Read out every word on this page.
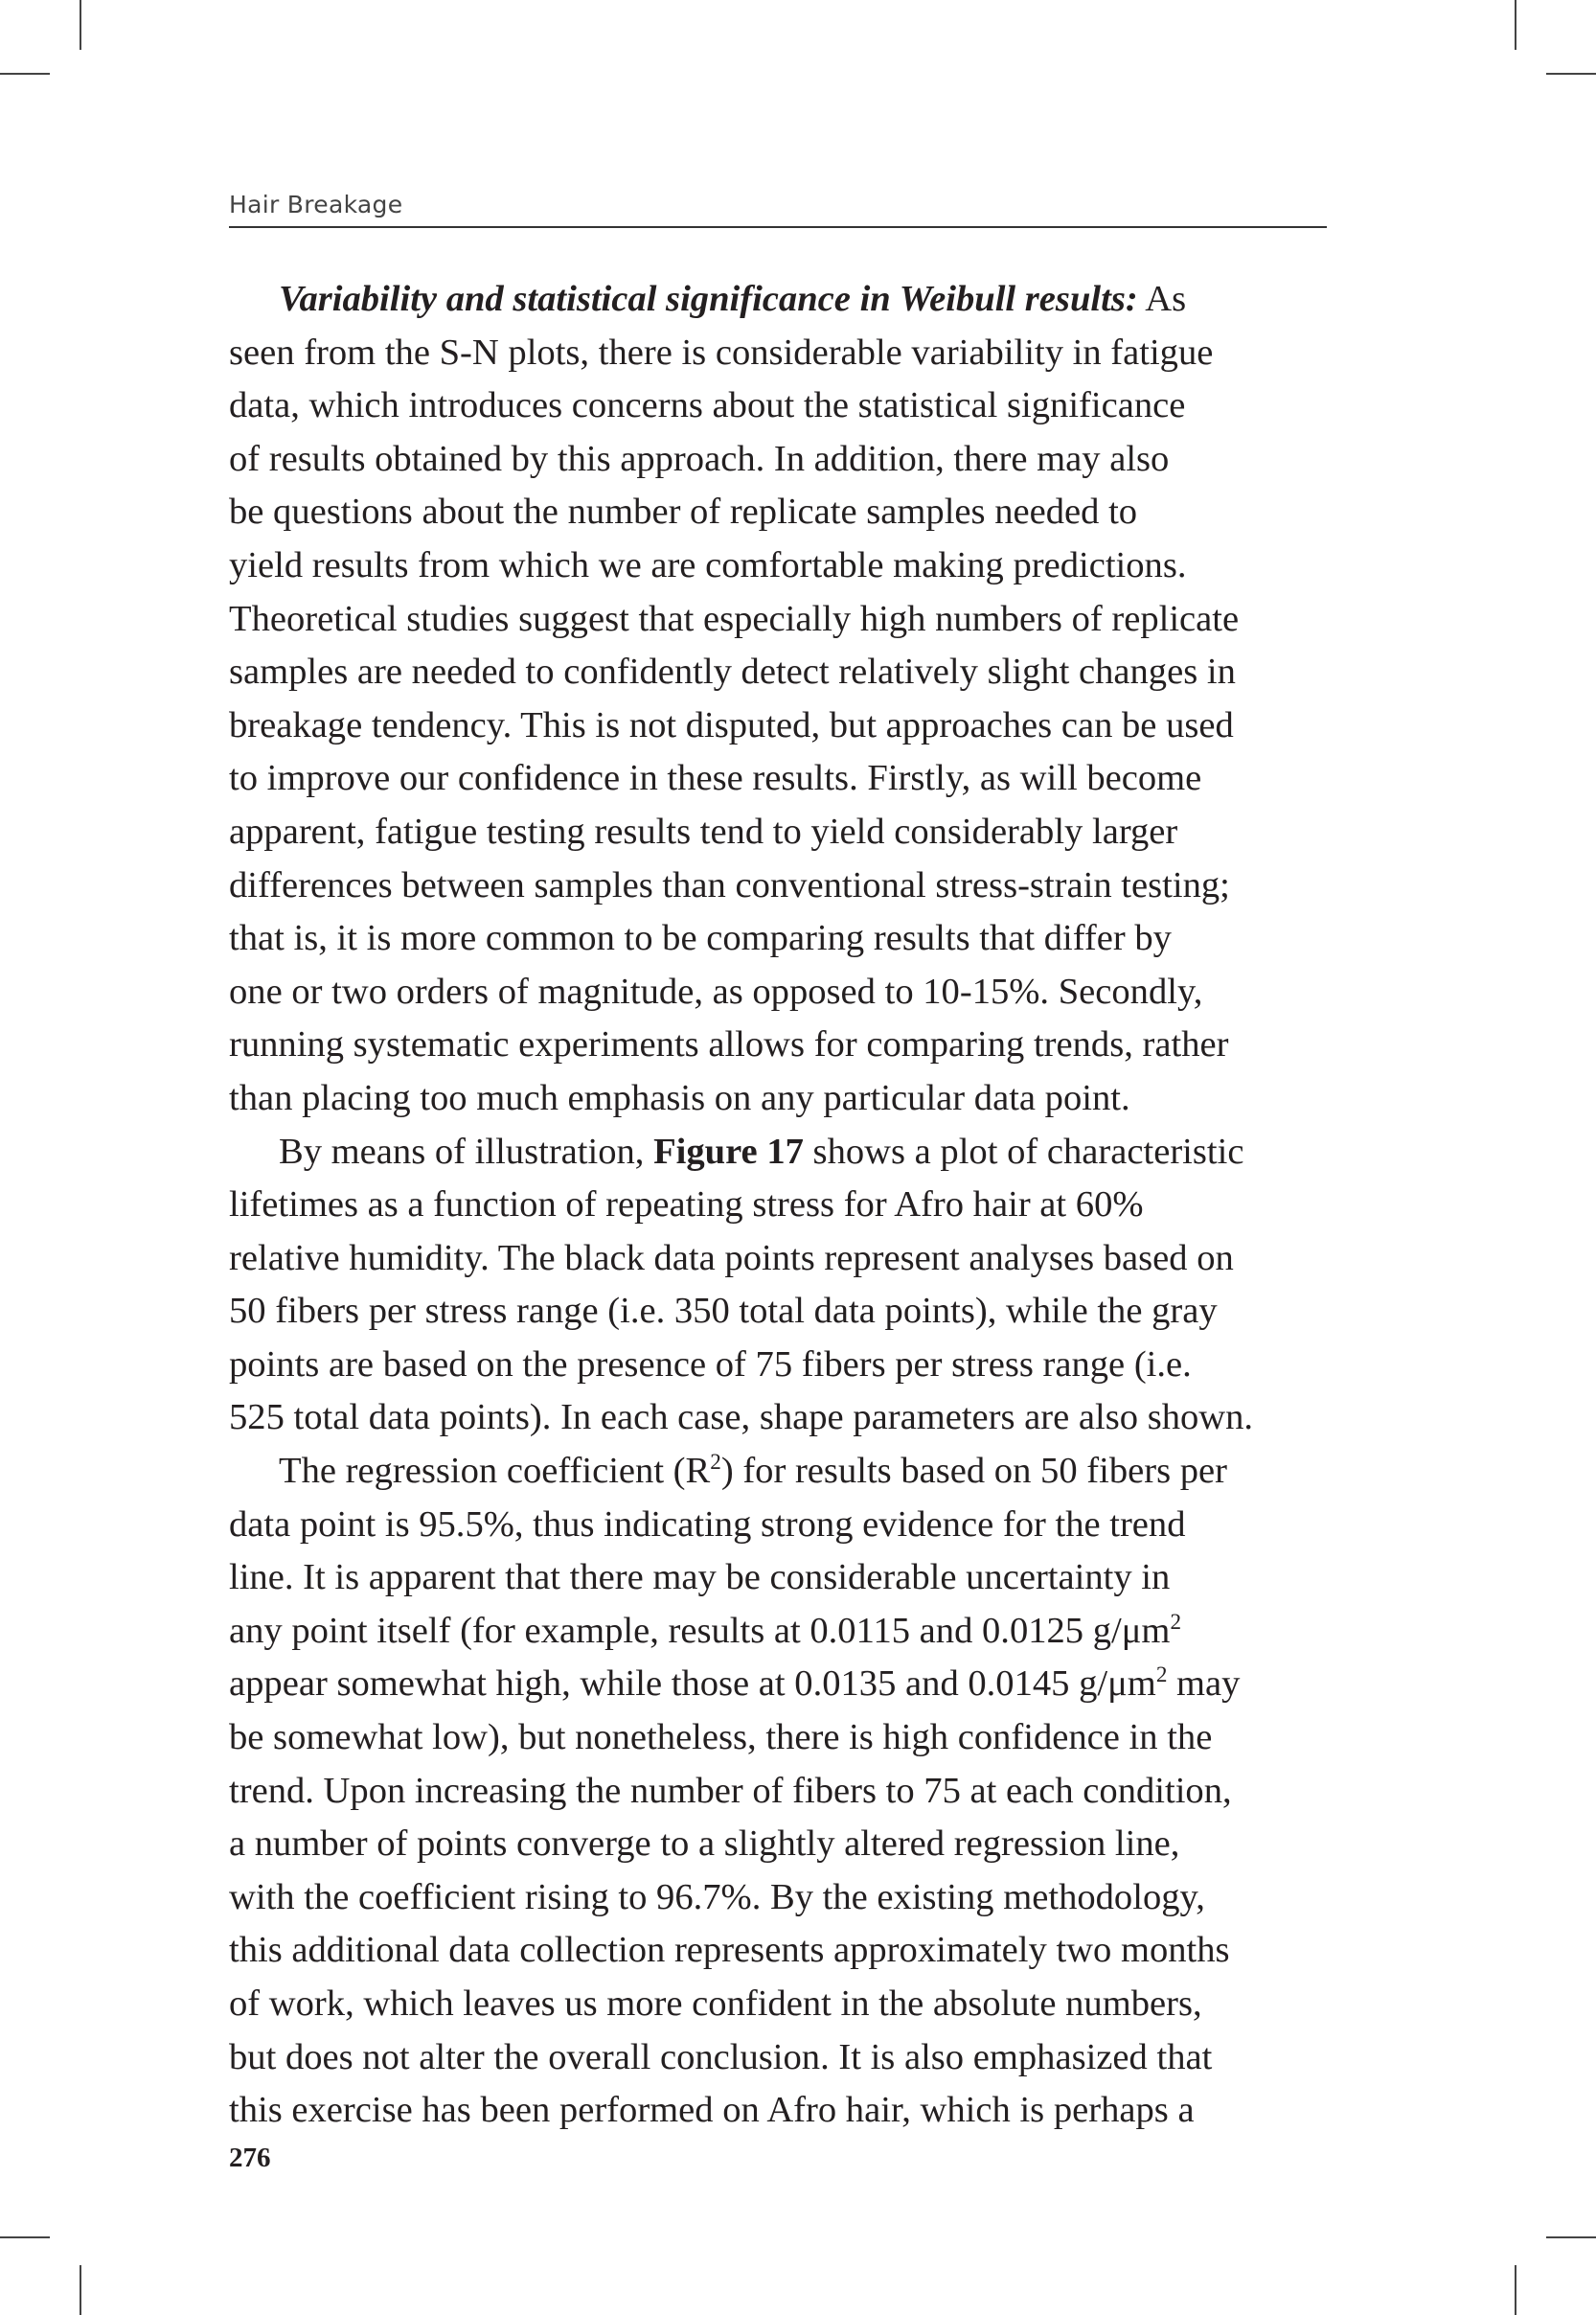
Hair Breakage
Variability and statistical significance in Weibull results: As
seen from the S-N plots, there is considerable variability in fatigue
data, which introduces concerns about the statistical significance
of results obtained by this approach. In addition, there may also
be questions about the number of replicate samples needed to
yield results from which we are comfortable making predictions.
Theoretical studies suggest that especially high numbers of replicate
samples are needed to confidently detect relatively slight changes in
breakage tendency. This is not disputed, but approaches can be used
to improve our confidence in these results. Firstly, as will become
apparent, fatigue testing results tend to yield considerably larger
differences between samples than conventional stress-strain testing;
that is, it is more common to be comparing results that differ by
one or two orders of magnitude, as opposed to 10-15%. Secondly,
running systematic experiments allows for comparing trends, rather
than placing too much emphasis on any particular data point.
By means of illustration, Figure 17 shows a plot of characteristic
lifetimes as a function of repeating stress for Afro hair at 60%
relative humidity. The black data points represent analyses based on
50 fibers per stress range (i.e. 350 total data points), while the gray
points are based on the presence of 75 fibers per stress range (i.e.
525 total data points). In each case, shape parameters are also shown.
The regression coefficient $(R^2)$ for results based on 50 fibers per
data point is 95.5%, thus indicating strong evidence for the trend
line. It is apparent that there may be considerable uncertainty in
any point itself (for example, results at 0.0115 and 0.0125 $g/\mu m^2$
appear somewhat high, while those at 0.0135 and 0.0145 $g/\mu m^2$ may
be somewhat low), but nonetheless, there is high confidence in the
trend. Upon increasing the number of fibers to 75 at each condition,
a number of points converge to a slightly altered regression line,
with the coefficient rising to 96.7%. By the existing methodology,
this additional data collection represents approximately two months
of work, which leaves us more confident in the absolute numbers,
but does not alter the overall conclusion. It is also emphasized that
this exercise has been performed on Afro hair, which is perhaps a
276
